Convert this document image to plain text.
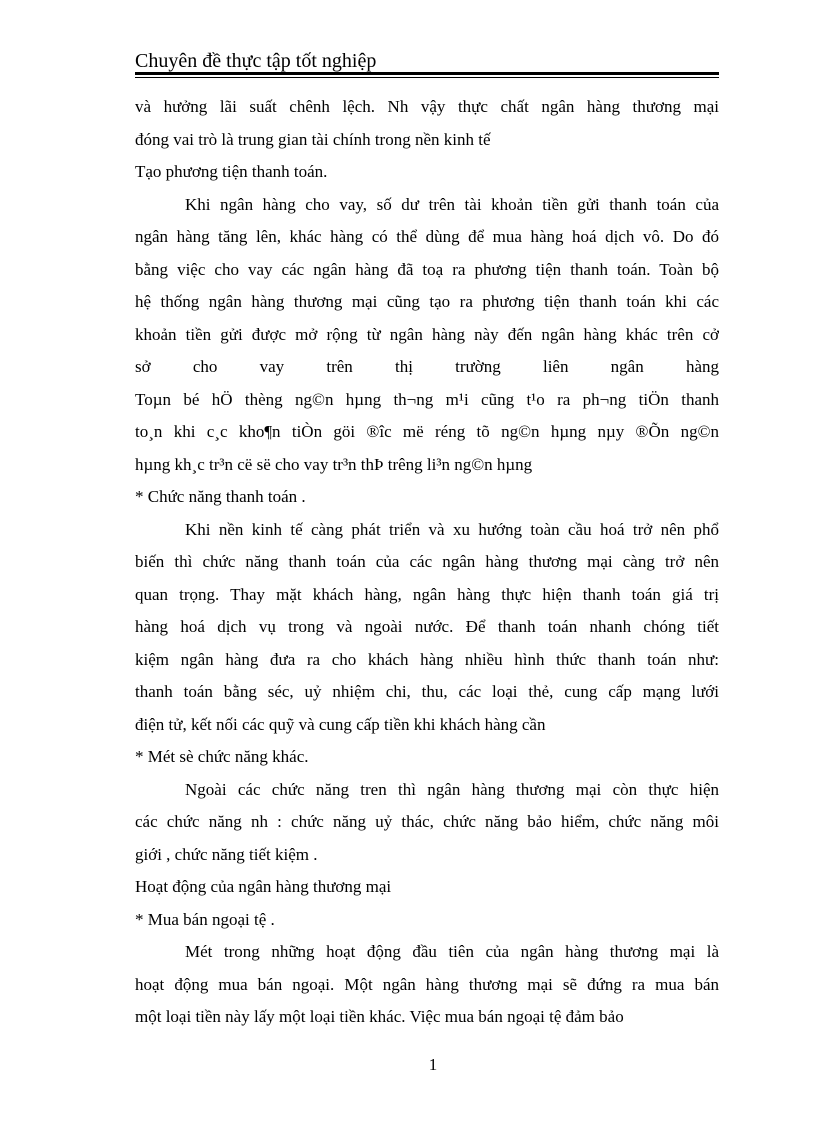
Chuyên đề thực tập tốt nghiệp
và hưởng lãi suất chênh lệch. Nh vậy thực chất ngân hàng thương mại
đóng vai trò là trung gian tài chính trong nền kinh tế
Tạo phương tiện thanh toán.
Khi ngân hàng cho vay, số dư trên tài khoản tiền gửi thanh toán của
ngân hàng tăng lên, khác hàng có thể dùng để mua hàng hoá dịch vô. Do đó
bằng việc cho vay các ngân hàng đã toạ ra phương tiện thanh toán. Toàn bộ
hệ thống ngân hàng thương mại cũng tạo ra phương tiện thanh toán khi các
khoản tiền gửi được mở rộng từ ngân hàng này đến ngân hàng khác trên cở
sở cho vay trên thị trường liên ngân hàng
Toµn bé hÖ thèng ng©n hµng th¬ng m¹i cũng t¹o ra ph¬ng tiÖn thanh
to¸n khi c¸c kho¶n tiÒn göi ®îc më réng tõ ng©n hµng nµy ®Õn ng©n
hµng kh¸c tr³n cë së cho vay tr³n thÞ trêng li³n ng©n hµng
* Chức năng thanh toán .
Khi nền kinh tế càng phát triển và xu hướng toàn cầu hoá trở nên phổ
biến thì chức năng thanh toán của các ngân hàng thương mại càng trở nên
quan trọng. Thay mặt khách hàng, ngân hàng thực hiện thanh toán giá trị
hàng hoá dịch vụ trong và ngoài nước. Để thanh toán nhanh chóng tiết
kiệm ngân hàng đưa ra cho khách hàng nhiều hình thức thanh toán như:
thanh toán bằng séc, uỷ nhiệm chi, thu, các loại thẻ, cung cấp mạng lưới
điện tử, kết nối các quỹ và cung cấp tiền khi khách hàng cần
* Mét sè chức năng khác.
Ngoài các chức năng tren thì ngân hàng thương mại còn thực hiện
các chức năng nh : chức năng uỷ thác, chức năng bảo hiểm, chức năng môi
giới , chức năng tiết kiệm .
Hoạt động của ngân hàng thương mại
* Mua bán ngoại tệ .
Mét trong những hoạt động đầu tiên của ngân hàng thương mại là
hoạt động mua bán ngoại. Một ngân hàng thương mại sẽ đứng ra mua bán
một loại tiền này lấy một loại tiền khác. Việc mua bán ngoại tệ đảm bảo
1
